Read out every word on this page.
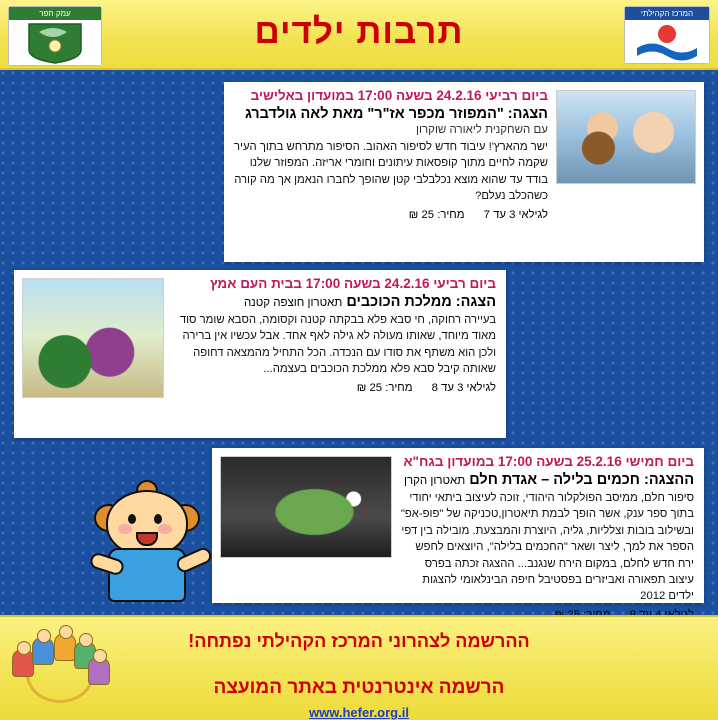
עמק חפר	תרבות ילדים	המרכז הקהילתי
ביום רביעי 24.2.16 בשעה 17:00 במועדון באלישיב
הצגה: "המפוזר מכפר אז"ר" מאת לאה גולדברג
עם השחקנית ליאורה שוקרון
ישר מהארץ'! עיבוד חדש לסיפור האהוב. הסיפור מתרחש בתוך העיר שקמה לחיים מתוך קופסאות עיתונים וחומרי אריזה. המפוזר שלנו בודד עד שהוא מוצא נכלבלבי קטן שהופך לחברו הנאמן אך מה קורה כשהכלב נעלם?
לגילאי 3 עד 7 מחיר: 25 ₪
ביום רביעי 24.2.16 בשעה 17:00 בבית העם אמץ
הצגה: ממלכת הכוכבים תאטרון חוצפה קטנה
בעיירה רחוקה, חי סבא פלא בבקתה קטנה וקסומה, הסבא שומר סוד מאוד מיוחד, שאותו מעולה לא גילה לאף אחד. אבל עכשיו אין ברירה ולכן הוא משתף את סודו עם הנכדה. הכל התחיל מהמצאה דחופה שאותה קיבל סבא פלא ממלכת הכוכבים בעצמה...
לגילאי 3 עד 8 מחיר: 25 ₪
ביום חמישי 25.2.16 בשעה 17:00 במועדון בגח"א
ההצגה: חכמים בלילה – אגדת חלם תאטרון הקרן
סיפור חלם, ממיסב הפולקלור היהודי, זוכה לעיצוב ביתאי יחודי בתוך ספר ענק, אשר הופך לבמת תיאטרון,טכניקה של "פופ-אפ" ובשילוב בובות וצלליות, גליה, היוצרת והמבצעת. מובילה בין דפי הספר את למך, ליצר ושאר "החכמים בלילה", היוצאים לחפש ירח חדש לחלם, במקום הירח שנגנב... ההצגה זכתה בפרס עיצוב תפאורה ואביזרים בפסטיבל חיפה הבינלאומי להצגות ילדים 2012
ההרשמה לצהרוני המרכז הקהילתי נפתחה!
הרשמה אינטרנטית באתר המועצה
www.hefer.org.il
